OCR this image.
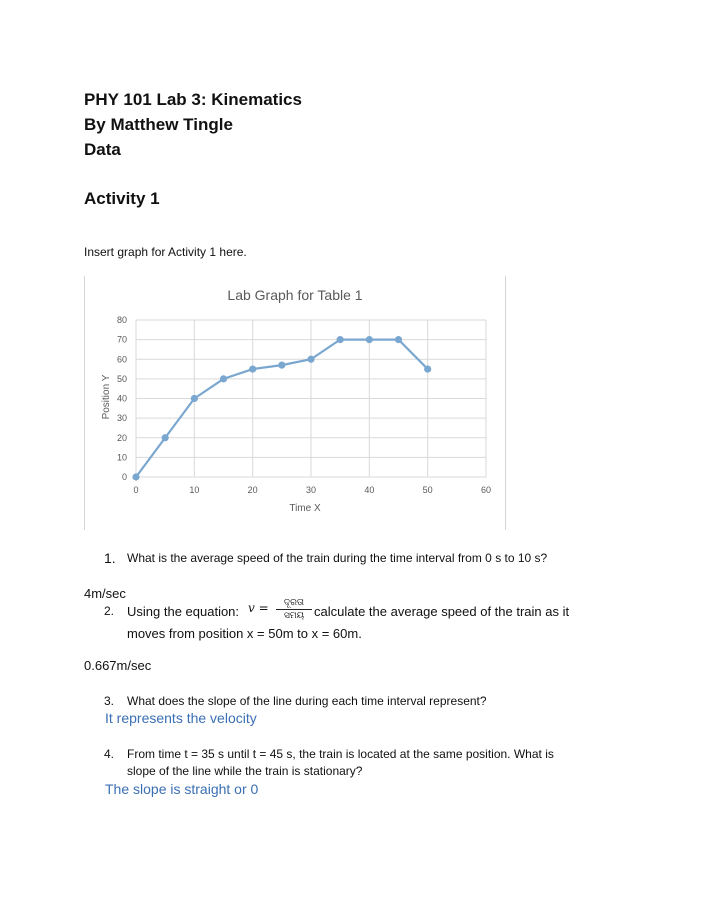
PHY 101 Lab 3: Kinematics
By Matthew Tingle
Data
Activity 1

Insert graph for Activity 1 here.

Lab Graph for Table 1
Time X
Position Y
0
10
20
30
40
50
60
70
80
0	10	20	30	40	50	60
1. What is the average speed of the train during the time interval from 0 s to 10 s?

4m/sec

2. Using the equation: v =	ଦୂରତା
ସମୟ calculate the average speed of the train as it

moves from position x = 50m to x = 60m.

0.667m/sec

3. What does the slope of the line during each time interval represent?

It represents the velocity

4. From time t = 35 s until t = 45 s, the train is located at the same position. What is

slope of the line while the train is stationary?

The slope is straight or 0
